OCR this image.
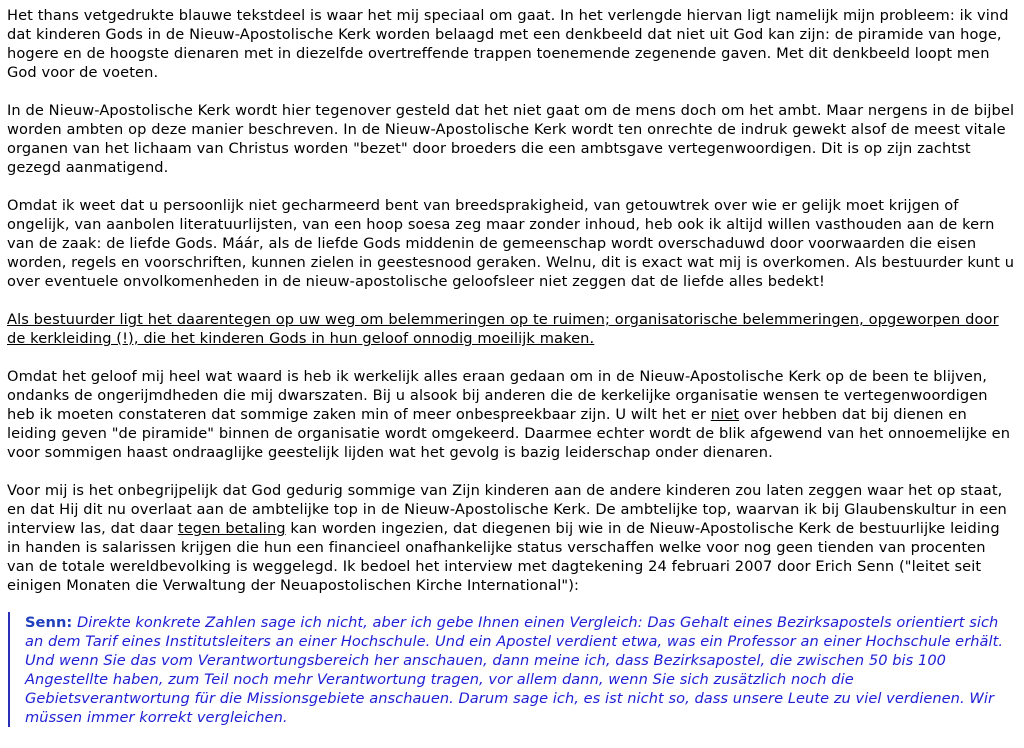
Het thans vetgedrukte blauwe tekstdeel is waar het mij speciaal om gaat. In het verlengde hiervan ligt namelijk mijn probleem: ik vind dat kinderen Gods in de Nieuw-Apostolische Kerk worden belaagd met een denkbeeld dat niet uit God kan zijn: de piramide van hoge, hogere en de hoogste dienaren met in diezelfde overtreffende trappen toenemende zegenende gaven. Met dit denkbeeld loopt men God voor de voeten.

In de Nieuw-Apostolische Kerk wordt hier tegenover gesteld dat het niet gaat om de mens doch om het ambt. Maar nergens in de bijbel worden ambten op deze manier beschreven. In de Nieuw-Apostolische Kerk wordt ten onrechte de indruk gewekt alsof de meest vitale organen van het lichaam van Christus worden "bezet" door broeders die een ambtsgave vertegenwoordigen. Dit is op zijn zachtst gezegd aanmatigend.

Omdat ik weet dat u persoonlijk niet gecharmeerd bent van breedsprakigheid, van getouwtrek over wie er gelijk moet krijgen of ongelijk, van aanbolen literatuurlijsten, van een hoop soesa zeg maar zonder inhoud, heb ook ik altijd willen vasthouden aan de kern van de zaak: de liefde Gods. Máár, als de liefde Gods middenin de gemeenschap wordt overschaduwd door voorwaarden die eisen worden, regels en voorschriften, kunnen zielen in geestesnood geraken. Welnu, dit is exact wat mij is overkomen. Als bestuurder kunt u over eventuele onvolkomenheden in de nieuw-apostolische geloofsleer niet zeggen dat de liefde alles bedekt!

Als bestuurder ligt het daarentegen op uw weg om belemmeringen op te ruimen; organisatorische belemmeringen, opgeworpen door de kerkleiding (!), die het kinderen Gods in hun geloof onnodig moeilijk maken.

Omdat het geloof mij heel wat waard is heb ik werkelijk alles eraan gedaan om in de Nieuw-Apostolische Kerk op de been te blijven, ondanks de ongerijmdheden die mij dwarszaten. Bij u alsook bij anderen die de kerkelijke organisatie wensen te vertegenwoordigen heb ik moeten constateren dat sommige zaken min of meer onbespreekbaar zijn. U wilt het er niet over hebben dat bij dienen en leiding geven "de piramide" binnen de organisatie wordt omgekeerd. Daarmee echter wordt de blik afgewend van het onnoemelijke en voor sommigen haast ondraaglijke geestelijk lijden wat het gevolg is bazig leiderschap onder dienaren.

Voor mij is het onbegrijpelijk dat God gedurig sommige van Zijn kinderen aan de andere kinderen zou laten zeggen waar het op staat, en dat Hij dit nu overlaat aan de ambtelijke top in de Nieuw-Apostolische Kerk. De ambtelijke top, waarvan ik bij Glaubenskultur in een interview las, dat daar tegen betaling kan worden ingezien, dat diegenen bij wie in de Nieuw-Apostolische Kerk de bestuurlijke leiding in handen is salarissen krijgen die hun een financieel onafhankelijke status verschaffen welke voor nog geen tienden van procenten van de totale wereldbevolking is weggelegd. Ik bedoel het interview met dagtekening 24 februari 2007 door Erich Senn ("leitet seit einigen Monaten die Verwaltung der Neuapostolischen Kirche International"):

Senn: Direkte konkrete Zahlen sage ich nicht, aber ich gebe Ihnen einen Vergleich: Das Gehalt eines Bezirksapostels orientiert sich an dem Tarif eines Institutsleiters an einer Hochschule. Und ein Apostel verdient etwa, was ein Professor an einer Hochschule erhält. Und wenn Sie das vom Verantwortungsbereich her anschauen, dann meine ich, dass Bezirksapostel, die zwischen 50 bis 100 Angestellte haben, zum Teil noch mehr Verantwortung tragen, vor allem dann, wenn Sie sich zusätzlich noch die Gebietsverantwortung für die Missionsgebiete anschauen. Darum sage ich, es ist nicht so, dass unsere Leute zu viel verdienen. Wir müssen immer korrekt vergleichen.
